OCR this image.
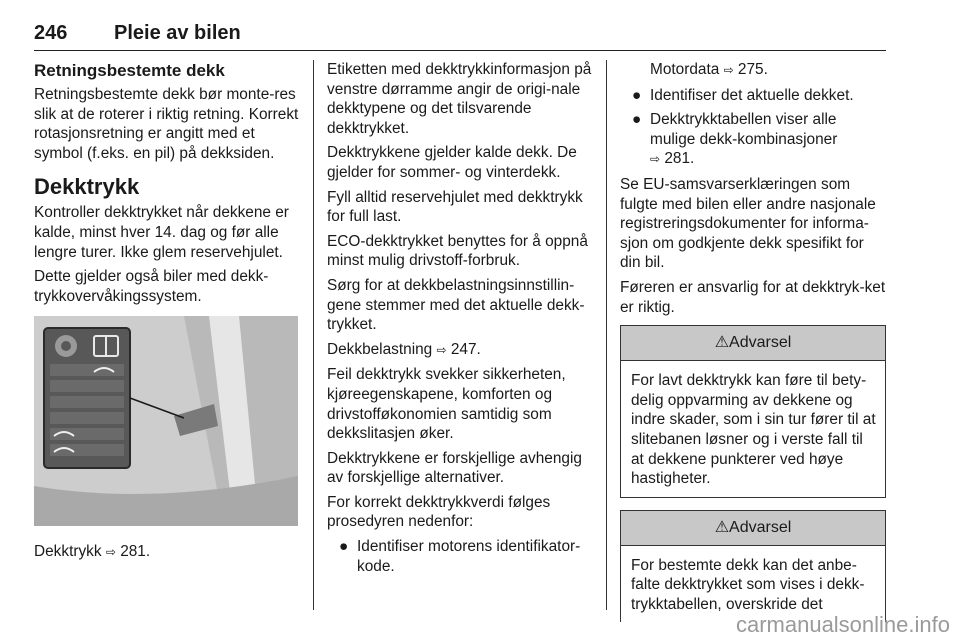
246 Pleie av bilen
Retningsbestemte dekk

Retningsbestemte dekk bør monte-res slik at de roterer i riktig retning. Korrekt rotasjonsretning er angitt med et symbol (f.eks. en pil) på dekksiden.

Dekktrykk

Kontroller dekktrykket når dekkene er kalde, minst hver 14. dag og før alle lengre turer. Ikke glem reservehjulet.

Dette gjelder også biler med dekk-trykkovervåkingssystem.

Dekktrykk ⇨ 281.

Etiketten med dekktrykkinformasjon på venstre dørramme angir de origi-nale dekktypene og det tilsvarende dekktrykket.

Dekktrykkene gjelder kalde dekk. De gjelder for sommer- og vinterdekk.

Fyll alltid reservehjulet med dekktrykk for full last.

ECO-dekktrykket benyttes for å oppnå minst mulig drivstoff-forbruk.

Sørg for at dekkbelastningsinnstillin-gene stemmer med det aktuelle dekk-trykket.

Dekkbelastning ⇨ 247.

Feil dekktrykk svekker sikkerheten, kjøreegenskapene, komforten og drivstofføkonomien samtidig som dekkslitasjen øker.

Dekktrykkene er forskjellige avhengig av forskjellige alternativer.

For korrekt dekktrykkverdi følges prosedyren nedenfor:

● Identifiser motorens identifikator-kode.

Motordata ⇨ 275.

● Identifiser det aktuelle dekket.
● Dekktrykktabellen viser alle mulige dekk-kombinasjoner
⇨ 281.

Se EU-samsvarserklæringen som fulgte med bilen eller andre nasjonale registreringsdokumenter for informa-sjon om godkjente dekk spesifikt for din bil.

Føreren er ansvarlig for at dekktryk-ket er riktig.

⚠Advarsel
For lavt dekktrykk kan føre til bety-delig oppvarming av dekkene og indre skader, som i sin tur fører til at slitebanen løsner og i verste fall til at dekkene punkterer ved høye hastigheter.
⚠Advarsel
For bestemte dekk kan det anbe-falte dekktrykket som vises i dekk-trykktabellen, overskride det
carmanualsonline.info
